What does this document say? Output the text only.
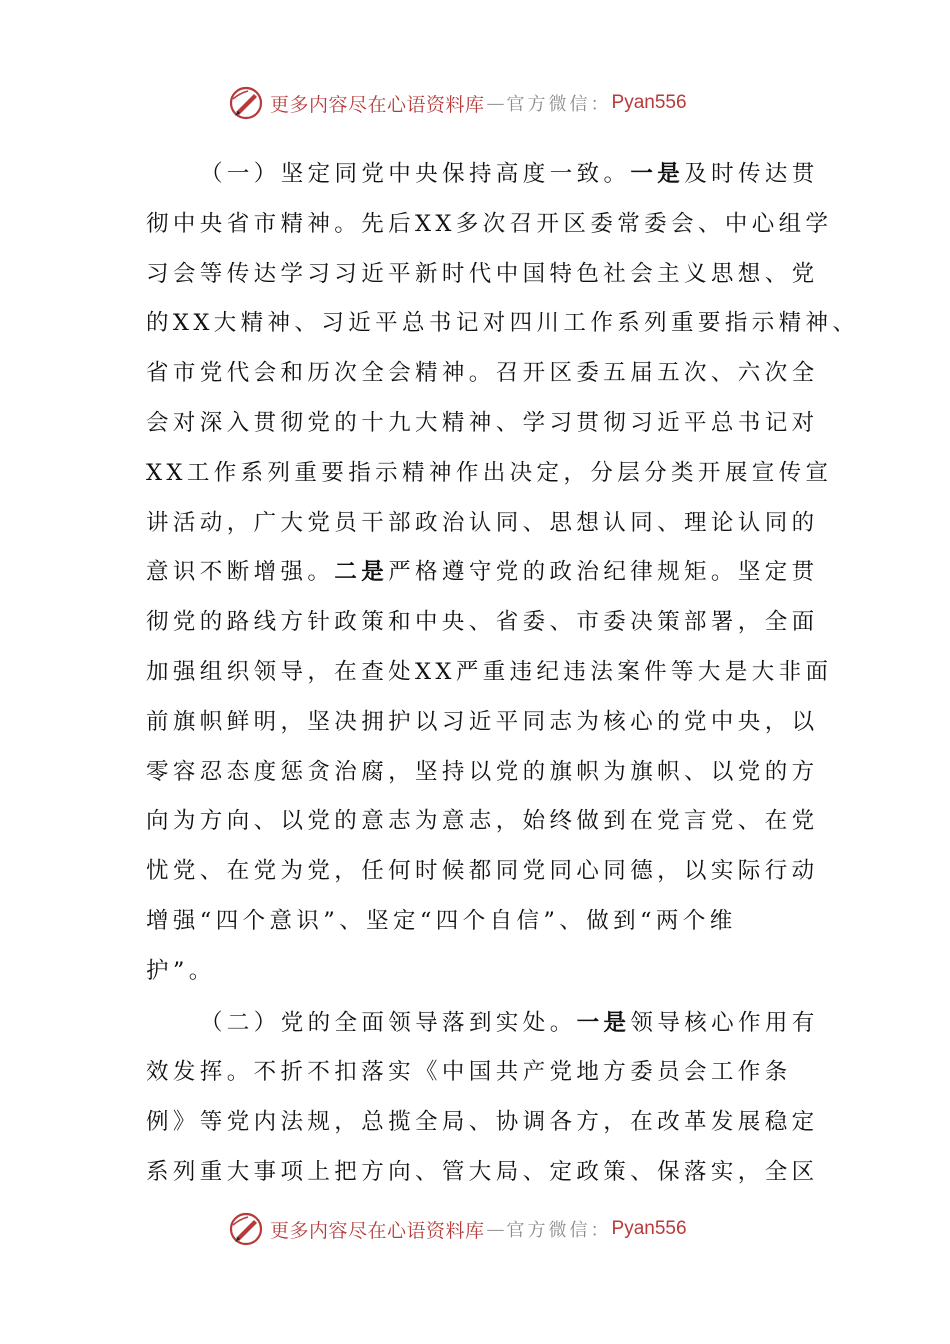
更多内容尽在心语资料库 — 官方微信： Pyan556
（一）坚定同党中央保持高度一致。一是及时传达贯
彻中央省市精神。先后XX多次召开区委常委会、中心组学
习会等传达学习习近平新时代中国特色社会主义思想、党
的XX大精神、习近平总书记对四川工作系列重要指示精神、
省市党代会和历次全会精神。召开区委五届五次、六次全
会对深入贯彻党的十九大精神、学习贯彻习近平总书记对
XX工作系列重要指示精神作出决定，分层分类开展宣传宣
讲活动，广大党员干部政治认同、思想认同、理论认同的
意识不断增强。二是严格遵守党的政治纪律规矩。坚定贯
彻党的路线方针政策和中央、省委、市委决策部署，全面
加强组织领导，在查处XX严重违纪违法案件等大是大非面
前旗帜鲜明，坚决拥护以习近平同志为核心的党中央，以
零容忍态度惩贪治腐，坚持以党的旗帜为旗帜、以党的方
向为方向、以党的意志为意志，始终做到在党言党、在党
忧党、在党为党，任何时候都同党同心同德，以实际行动
增强“四个意识”、坚定“四个自信”、做到“两个维
护”。
（二）党的全面领导落到实处。一是领导核心作用有
效发挥。不折不扣落实《中国共产党地方委员会工作条
例》等党内法规，总揽全局、协调各方，在改革发展稳定
系列重大事项上把方向、管大局、定政策、保落实，全区
更多内容尽在心语资料库 — 官方微信： Pyan556
